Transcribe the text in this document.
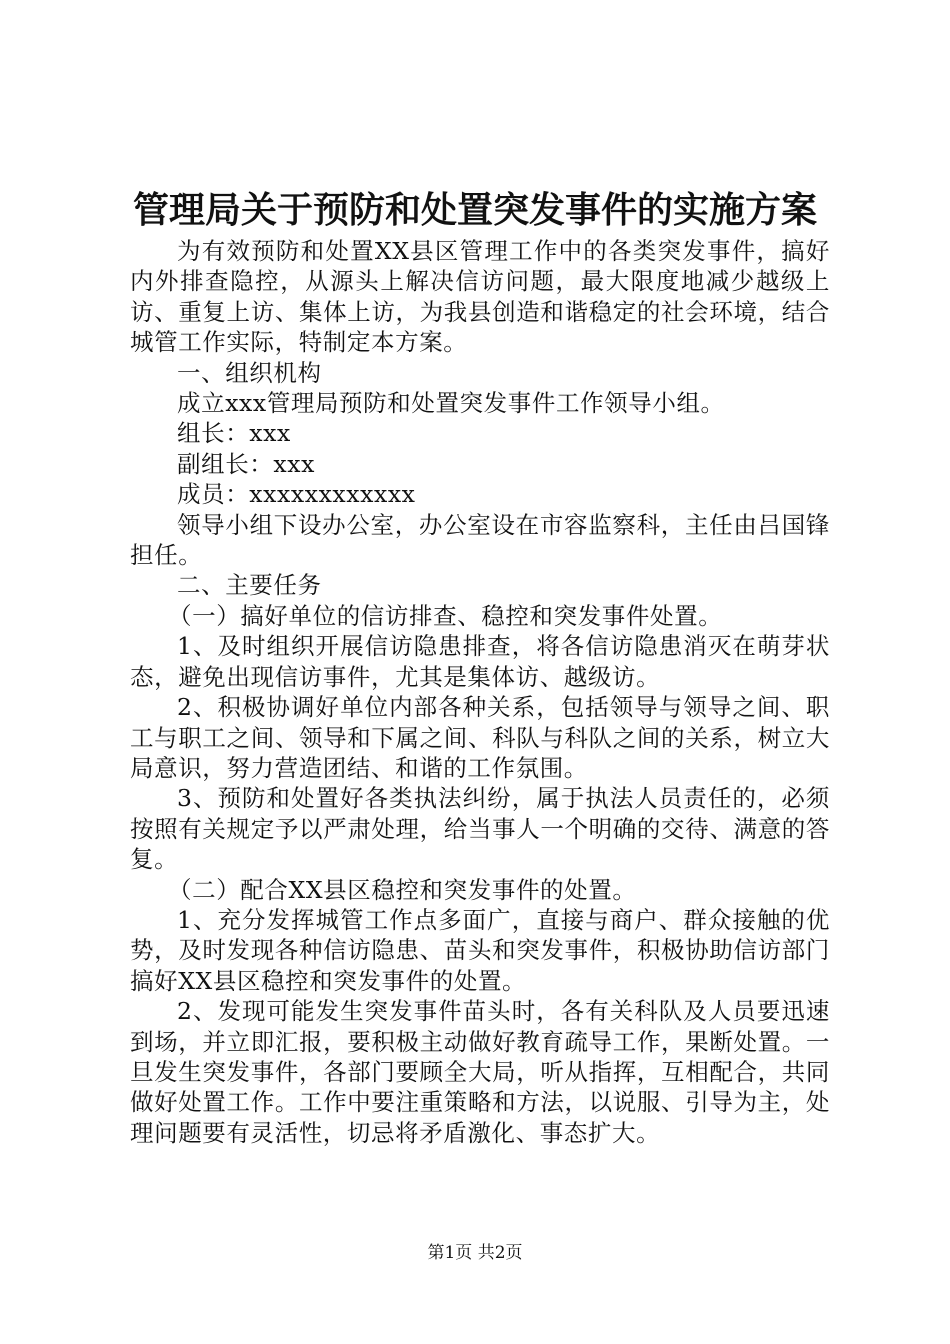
管理局关于预防和处置突发事件的实施方案

为有效预防和处置XX县区管理工作中的各类突发事件，搞好内外排查隐控，从源头上解决信访问题，最大限度地减少越级上访、重复上访、集体上访，为我县创造和谐稳定的社会环境，结合城管工作实际，特制定本方案。

一、组织机构

成立xxx管理局预防和处置突发事件工作领导小组。

组长：xxx

副组长：xxx

成员：xxxxxxxxxxxx

领导小组下设办公室，办公室设在市容监察科，主任由吕国锋担任。

二、主要任务

（一）搞好单位的信访排查、稳控和突发事件处置。

1、及时组织开展信访隐患排查，将各信访隐患消灭在萌芽状态，避免出现信访事件，尤其是集体访、越级访。

2、积极协调好单位内部各种关系，包括领导与领导之间、职工与职工之间、领导和下属之间、科队与科队之间的关系，树立大局意识，努力营造团结、和谐的工作氛围。

3、预防和处置好各类执法纠纷，属于执法人员责任的，必须按照有关规定予以严肃处理，给当事人一个明确的交待、满意的答复。

（二）配合XX县区稳控和突发事件的处置。

1、充分发挥城管工作点多面广，直接与商户、群众接触的优势，及时发现各种信访隐患、苗头和突发事件，积极协助信访部门搞好XX县区稳控和突发事件的处置。

2、发现可能发生突发事件苗头时，各有关科队及人员要迅速到场，并立即汇报，要积极主动做好教育疏导工作，果断处置。一旦发生突发事件，各部门要顾全大局，听从指挥，互相配合，共同做好处置工作。工作中要注重策略和方法，以说服、引导为主，处理问题要有灵活性，切忌将矛盾激化、事态扩大。

第1页 共2页
